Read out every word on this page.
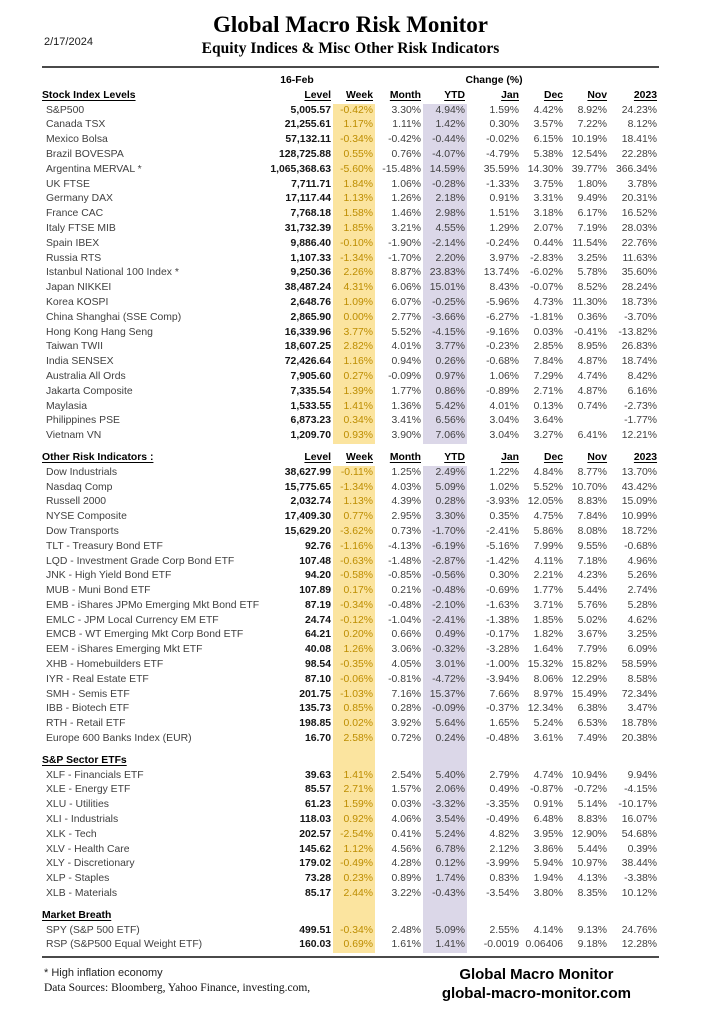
2/17/2024
Global Macro Risk Monitor
Equity Indices & Misc Other Risk Indicators
	16-Feb			Change (%)				
Stock Index Levels	Level	Week	Month	YTD	Jan	Dec	Nov	2023
S&P500	5,005.57	-0.42%	3.30%	4.94%	1.59%	4.42%	8.92%	24.23%
Canada TSX	21,255.61	1.17%	1.11%	1.42%	0.30%	3.57%	7.22%	8.12%
Mexico Bolsa	57,132.11	-0.34%	-0.42%	-0.44%	-0.02%	6.15%	10.19%	18.41%
Brazil BOVESPA	128,725.88	0.55%	0.76%	-4.07%	-4.79%	5.38%	12.54%	22.28%
Argentina MERVAL *	1,065,368.63	-5.60%	-15.48%	14.59%	35.59%	14.30%	39.77%	366.34%
UK FTSE	7,711.71	1.84%	1.06%	-0.28%	-1.33%	3.75%	1.80%	3.78%
Germany DAX	17,117.44	1.13%	1.26%	2.18%	0.91%	3.31%	9.49%	20.31%
France CAC	7,768.18	1.58%	1.46%	2.98%	1.51%	3.18%	6.17%	16.52%
Italy FTSE MIB	31,732.39	1.85%	3.21%	4.55%	1.29%	2.07%	7.19%	28.03%
Spain IBEX	9,886.40	-0.10%	-1.90%	-2.14%	-0.24%	0.44%	11.54%	22.76%
Russia RTS	1,107.33	-1.34%	-1.70%	2.20%	3.97%	-2.83%	3.25%	11.63%
Istanbul National 100 Index *	9,250.36	2.26%	8.87%	23.83%	13.74%	-6.02%	5.78%	35.60%
Japan NIKKEI	38,487.24	4.31%	6.06%	15.01%	8.43%	-0.07%	8.52%	28.24%
Korea KOSPI	2,648.76	1.09%	6.07%	-0.25%	-5.96%	4.73%	11.30%	18.73%
China Shanghai (SSE Comp)	2,865.90	0.00%	2.77%	-3.66%	-6.27%	-1.81%	0.36%	-3.70%
Hong Kong Hang Seng	16,339.96	3.77%	5.52%	-4.15%	-9.16%	0.03%	-0.41%	-13.82%
Taiwan TWII	18,607.25	2.82%	4.01%	3.77%	-0.23%	2.85%	8.95%	26.83%
India SENSEX	72,426.64	1.16%	0.94%	0.26%	-0.68%	7.84%	4.87%	18.74%
Australia All Ords	7,905.60	0.27%	-0.09%	0.97%	1.06%	7.29%	4.74%	8.42%
Jakarta Composite	7,335.54	1.39%	1.77%	0.86%	-0.89%	2.71%	4.87%	6.16%
Maylasia	1,533.55	1.41%	1.36%	5.42%	4.01%	0.13%	0.74%	-2.73%
Philippines PSE	6,873.23	0.34%	3.41%	6.56%	3.04%	3.64%		-1.77%
Vietnam VN	1,209.70	0.93%	3.90%	7.06%	3.04%	3.27%	6.41%	12.21%

Other Risk Indicators :	Level	Week	Month	YTD	Jan	Dec	Nov	2023
Dow Industrials	38,627.99	-0.11%	1.25%	2.49%	1.22%	4.84%	8.77%	13.70%
Nasdaq Comp	15,775.65	-1.34%	4.03%	5.09%	1.02%	5.52%	10.70%	43.42%
Russell 2000	2,032.74	1.13%	4.39%	0.28%	-3.93%	12.05%	8.83%	15.09%
NYSE Composite	17,409.30	0.77%	2.95%	3.30%	0.35%	4.75%	7.84%	10.99%
Dow Transports	15,629.20	-3.62%	0.73%	-1.70%	-2.41%	5.86%	8.08%	18.72%
TLT - Treasury Bond ETF	92.76	-1.16%	-4.13%	-6.19%	-5.16%	7.99%	9.55%	-0.68%
LQD - Investment Grade Corp Bond ETF	107.48	-0.63%	-1.48%	-2.87%	-1.42%	4.11%	7.18%	4.96%
JNK - High Yield Bond ETF	94.20	-0.58%	-0.85%	-0.56%	0.30%	2.21%	4.23%	5.26%
MUB - Muni Bond ETF	107.89	0.17%	0.21%	-0.48%	-0.69%	1.77%	5.44%	2.74%
EMB - iShares JPMo Emerging Mkt Bond ETF	87.19	-0.34%	-0.48%	-2.10%	-1.63%	3.71%	5.76%	5.28%
EMLC - JPM Local Currency EM ETF	24.74	-0.12%	-1.04%	-2.41%	-1.38%	1.85%	5.02%	4.62%
EMCB - WT Emerging Mkt Corp Bond ETF	64.21	0.20%	0.66%	0.49%	-0.17%	1.82%	3.67%	3.25%
EEM - iShares Emerging Mkt ETF	40.08	1.26%	3.06%	-0.32%	-3.28%	1.64%	7.79%	6.09%
XHB - Homebuilders ETF	98.54	-0.35%	4.05%	3.01%	-1.00%	15.32%	15.82%	58.59%
IYR - Real Estate ETF	87.10	-0.06%	-0.81%	-4.72%	-3.94%	8.06%	12.29%	8.58%
SMH - Semis ETF	201.75	-1.03%	7.16%	15.37%	7.66%	8.97%	15.49%	72.34%
IBB - Biotech ETF	135.73	0.85%	0.28%	-0.09%	-0.37%	12.34%	6.38%	3.47%
RTH - Retail ETF	198.85	0.02%	3.92%	5.64%	1.65%	5.24%	6.53%	18.78%
Europe 600 Banks Index (EUR)	16.70	2.58%	0.72%	0.24%	-0.48%	3.61%	7.49%	20.38%

S&P Sector ETFs								
XLF - Financials ETF	39.63	1.41%	2.54%	5.40%	2.79%	4.74%	10.94%	9.94%
XLE - Energy ETF	85.57	2.71%	1.57%	2.06%	0.49%	-0.87%	-0.72%	-4.15%
XLU - Utilities	61.23	1.59%	0.03%	-3.32%	-3.35%	0.91%	5.14%	-10.17%
XLI - Industrials	118.03	0.92%	4.06%	3.54%	-0.49%	6.48%	8.83%	16.07%
XLK - Tech	202.57	-2.54%	0.41%	5.24%	4.82%	3.95%	12.90%	54.68%
XLV - Health Care	145.62	1.12%	4.56%	6.78%	2.12%	3.86%	5.44%	0.39%
XLY - Discretionary	179.02	-0.49%	4.28%	0.12%	-3.99%	5.94%	10.97%	38.44%
XLP - Staples	73.28	0.23%	0.89%	1.74%	0.83%	1.94%	4.13%	-3.38%
XLB - Materials	85.17	2.44%	3.22%	-0.43%	-3.54%	3.80%	8.35%	10.12%

Market Breath								
SPY (S&P 500 ETF)	499.51	-0.34%	2.48%	5.09%	2.55%	4.14%	9.13%	24.76%
RSP (S&P500 Equal Weight ETF)	160.03	0.69%	1.61%	1.41%	-0.0019	0.06406	9.18%	12.28%
* High inflation economy
Data Sources: Bloomberg, Yahoo Finance, investing.com,
Global Macro Monitor
global-macro-monitor.com
